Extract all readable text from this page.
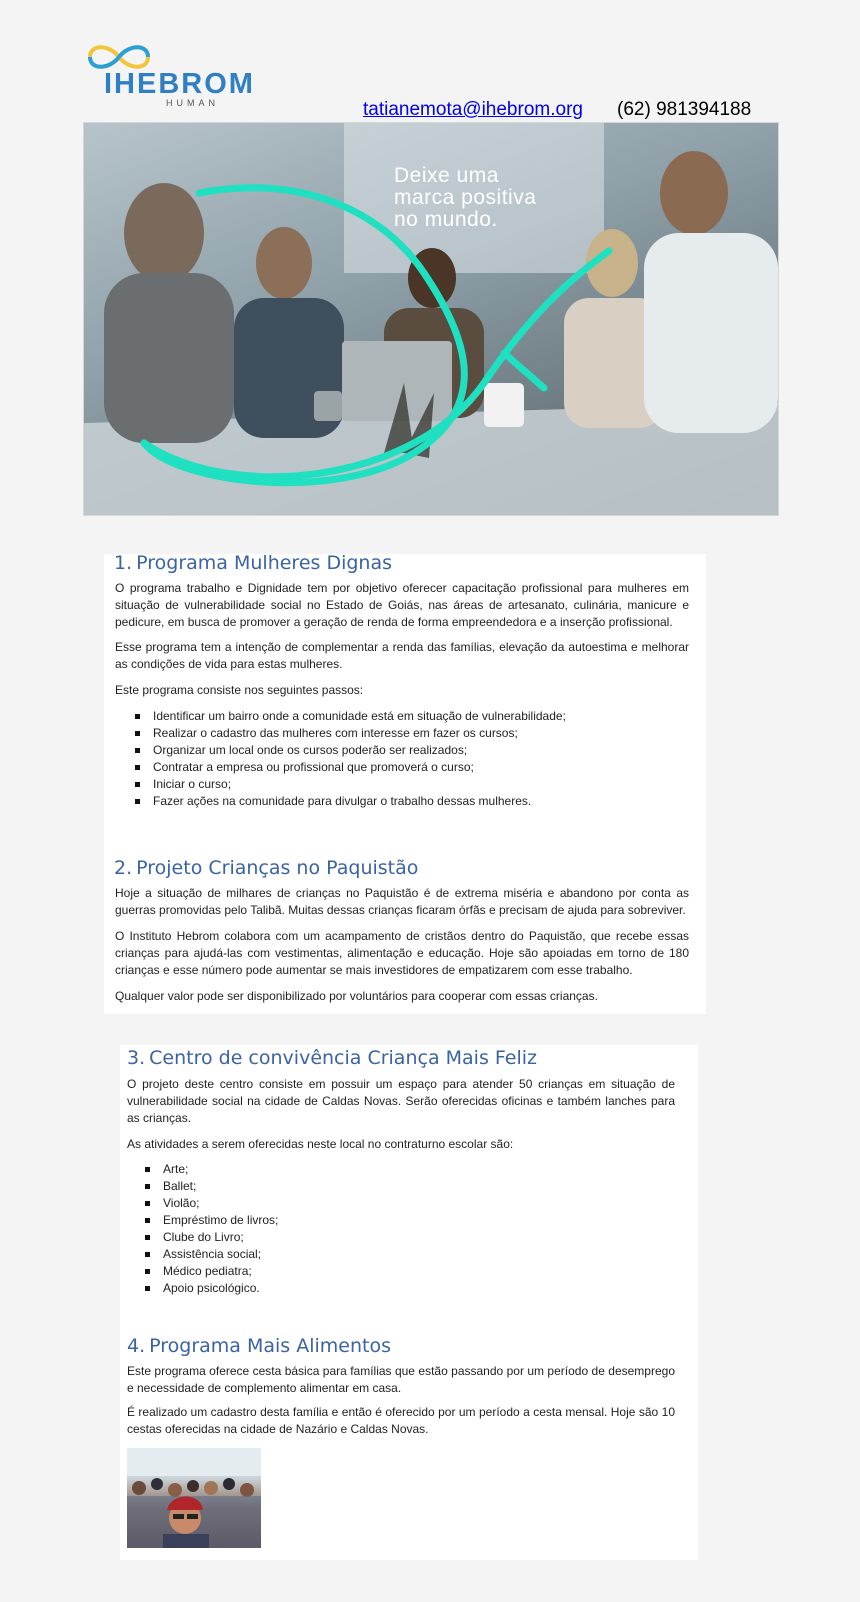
IHEBROM
HUMAN	tatianemota@ihebrom.org (62) 981394188
Deixe uma
marca positiva
no mundo.
1. Programa Mulheres Dignas

O programa trabalho e Dignidade tem por objetivo oferecer capacitação profissional para mulheres em situação de vulnerabilidade social no Estado de Goiás, nas áreas de artesanato, culinária, manicure e pedicure, em busca de promover a geração de renda de forma empreendedora e a inserção profissional.

Esse programa tem a intenção de complementar a renda das famílias, elevação da autoestima e melhorar as condições de vida para estas mulheres.

Este programa consiste nos seguintes passos:

Identificar um bairro onde a comunidade está em situação de vulnerabilidade;
Realizar o cadastro das mulheres com interesse em fazer os cursos;
Organizar um local onde os cursos poderão ser realizados;
Contratar a empresa ou profissional que promoverá o curso;
Iniciar o curso;
Fazer ações na comunidade para divulgar o trabalho dessas mulheres.
2. Projeto Crianças no Paquistão

Hoje a situação de milhares de crianças no Paquistão é de extrema miséria e abandono por conta as guerras promovidas pelo Talibã. Muitas dessas crianças ficaram órfãs e precisam de ajuda para sobreviver.

O Instituto Hebrom colabora com um acampamento de cristãos dentro do Paquistão, que recebe essas crianças para ajudá-las com vestimentas, alimentação e educação. Hoje são apoiadas em torno de 180 crianças e esse número pode aumentar se mais investidores de empatizarem com esse trabalho.

Qualquer valor pode ser disponibilizado por voluntários para cooperar com essas crianças.

3. Centro de convivência Criança Mais Feliz

O projeto deste centro consiste em possuir um espaço para atender 50 crianças em situação de vulnerabilidade social na cidade de Caldas Novas. Serão oferecidas oficinas e também lanches para as crianças.

As atividades a serem oferecidas neste local no contraturno escolar são:

Arte;
Ballet;
Violão;
Empréstimo de livros;
Clube do Livro;
Assistência social;
Médico pediatra;
Apoio psicológico.
4. Programa Mais Alimentos

Este programa oferece cesta básica para famílias que estão passando por um período de desemprego e necessidade de complemento alimentar em casa.

É realizado um cadastro desta família e então é oferecido por um período a cesta mensal. Hoje são 10 cestas oferecidas na cidade de Nazário e Caldas Novas.
